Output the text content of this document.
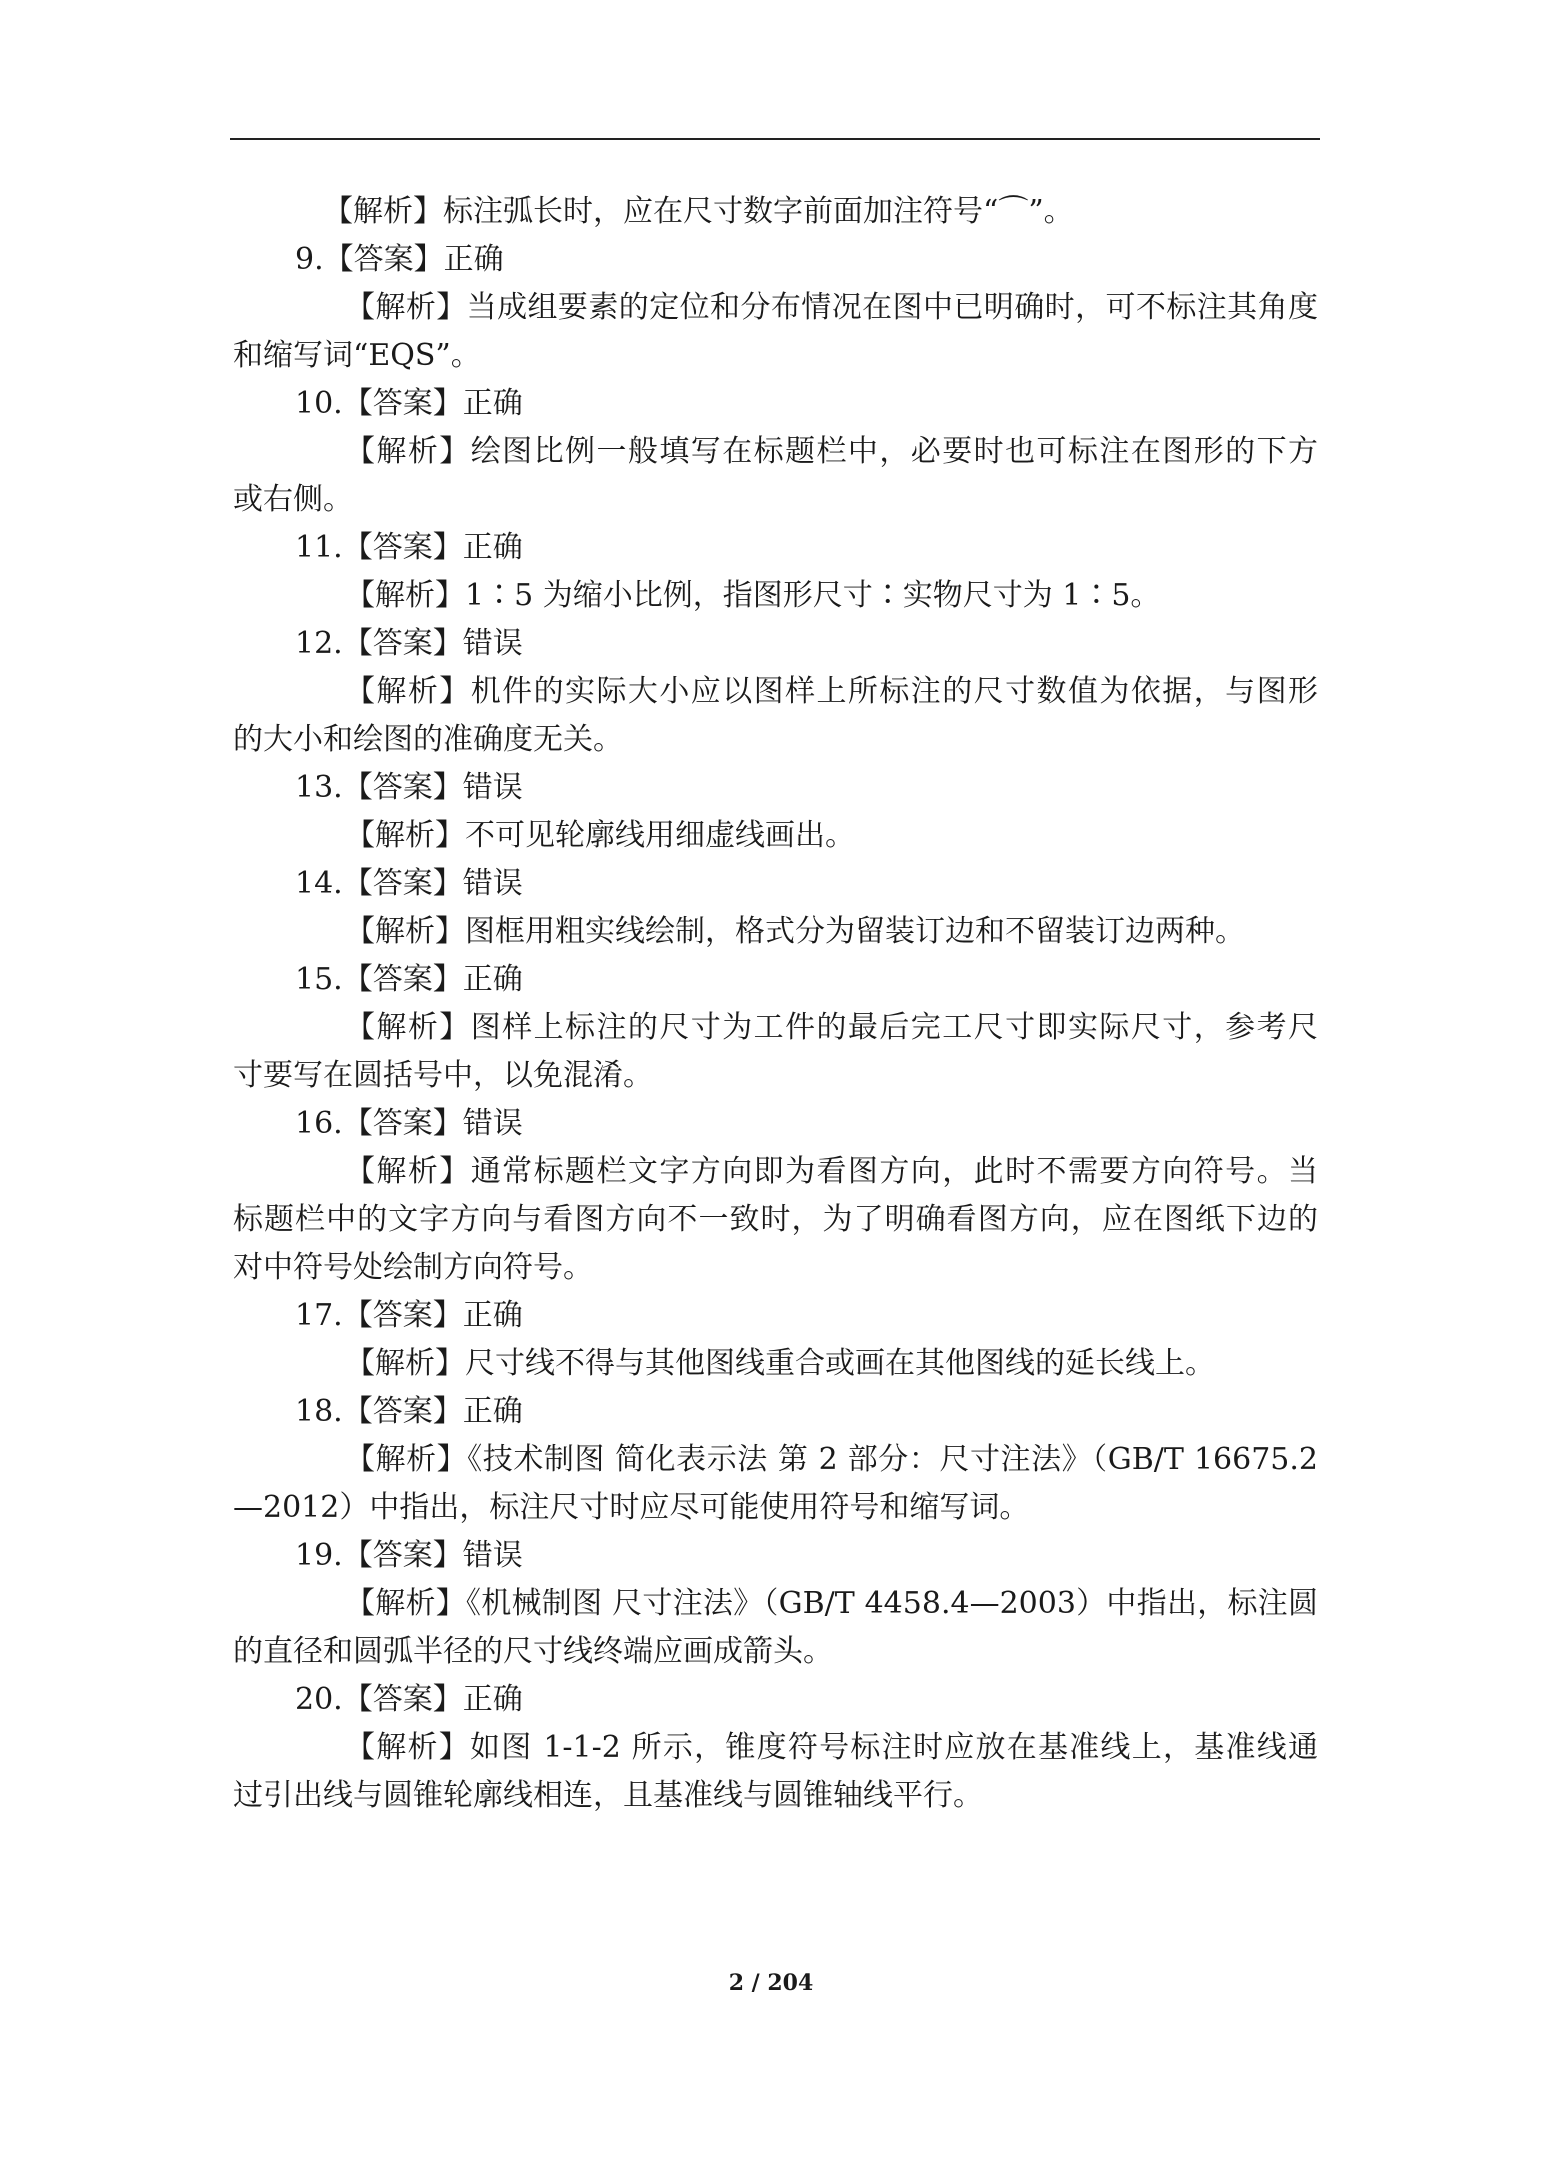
【解析】标注弧长时，应在尺寸数字前面加注符号“⌒”。
9.【答案】正确
【解析】当成组要素的定位和分布情况在图中已明确时，可不标注其角度
和缩写词“EQS”。
10.【答案】正确
【解析】绘图比例一般填写在标题栏中，必要时也可标注在图形的下方
或右侧。
11.【答案】正确
【解析】1∶5 为缩小比例，指图形尺寸∶实物尺寸为 1∶5。
12.【答案】错误
【解析】机件的实际大小应以图样上所标注的尺寸数值为依据，与图形
的大小和绘图的准确度无关。
13.【答案】错误
【解析】不可见轮廓线用细虚线画出。
14.【答案】错误
【解析】图框用粗实线绘制，格式分为留装订边和不留装订边两种。
15.【答案】正确
【解析】图样上标注的尺寸为工件的最后完工尺寸即实际尺寸，参考尺
寸要写在圆括号中，以免混淆。
16.【答案】错误
【解析】通常标题栏文字方向即为看图方向，此时不需要方向符号。当
标题栏中的文字方向与看图方向不一致时，为了明确看图方向，应在图纸下边的
对中符号处绘制方向符号。
17.【答案】正确
【解析】尺寸线不得与其他图线重合或画在其他图线的延长线上。
18.【答案】正确
【解析】《技术制图 简化表示法 第 2 部分：尺寸注法》（GB/T 16675.2
—2012）中指出，标注尺寸时应尽可能使用符号和缩写词。
19.【答案】错误
【解析】《机械制图 尺寸注法》（GB/T 4458.4—2003）中指出，标注圆
的直径和圆弧半径的尺寸线终端应画成箭头。
20.【答案】正确
【解析】如图 1-1-2 所示，锥度符号标注时应放在基准线上，基准线通
过引出线与圆锥轮廓线相连，且基准线与圆锥轴线平行。
2 / 204
